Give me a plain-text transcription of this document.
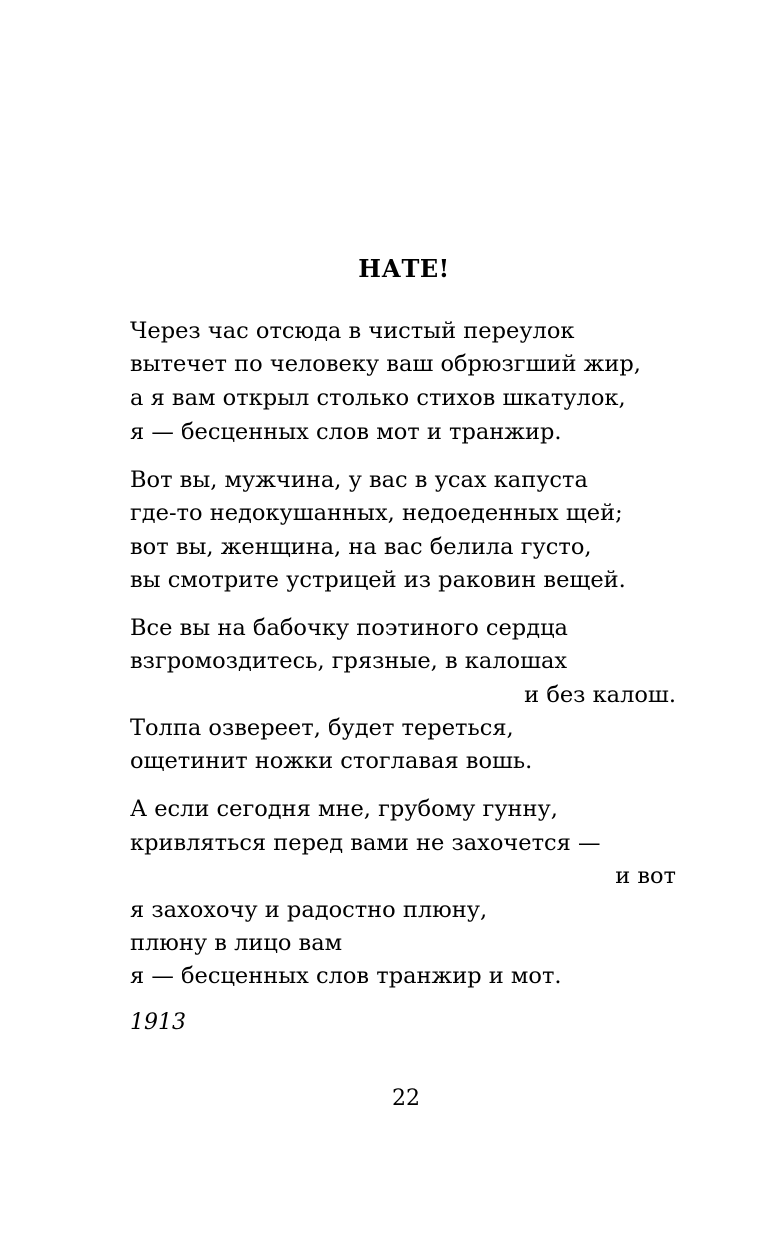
НАТЕ!
Через час отсюда в чистый переулок
вытечет по человеку ваш обрюзгший жир,
а я вам открыл столько стихов шкатулок,
я — бесценных слов мот и транжир.
Вот вы, мужчина, у вас в усах капуста
где-то недокушанных, недоеденных щей;
вот вы, женщина, на вас белила густо,
вы смотрите устрицей из раковин вещей.
Все вы на бабочку поэтиного сердца
взгромоздитесь, грязные, в калошах
и без калош.
Толпа озвереет, будет тереться,
ощетинит ножки стоглавая вошь.
А если сегодня мне, грубому гунну,
кривляться перед вами не захочется —
и вот
я захохочу и радостно плюну,
плюну в лицо вам
я — бесценных слов транжир и мот.
1913
22
